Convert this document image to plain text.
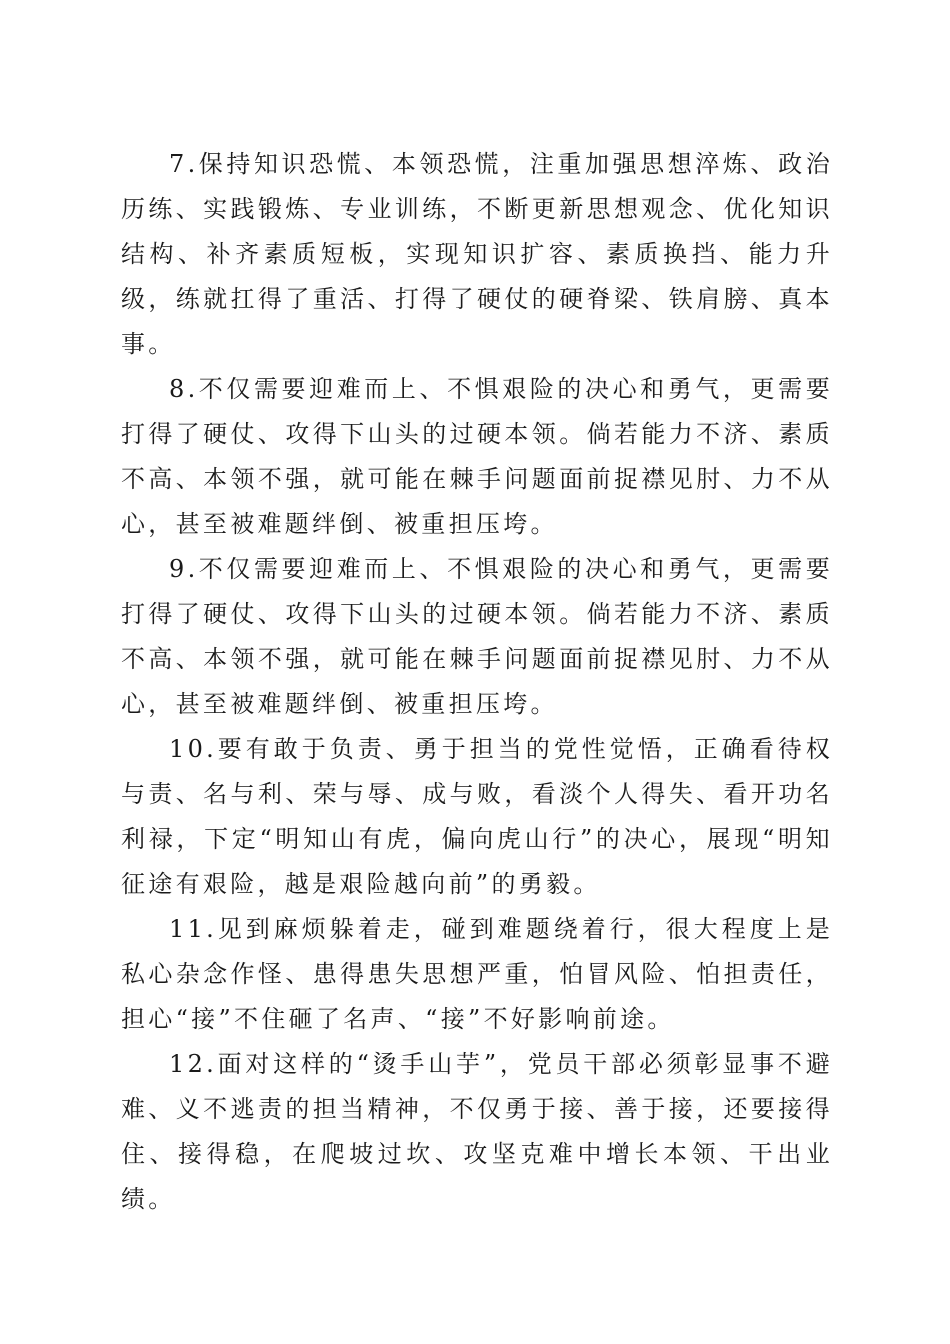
7.保持知识恐慌、本领恐慌，注重加强思想淬炼、政治历练、实践锻炼、专业训练，不断更新思想观念、优化知识结构、补齐素质短板，实现知识扩容、素质换挡、能力升级，练就扛得了重活、打得了硬仗的硬脊梁、铁肩膀、真本事。

8.不仅需要迎难而上、不惧艰险的决心和勇气，更需要打得了硬仗、攻得下山头的过硬本领。倘若能力不济、素质不高、本领不强，就可能在棘手问题面前捉襟见肘、力不从心，甚至被难题绊倒、被重担压垮。

9.不仅需要迎难而上、不惧艰险的决心和勇气，更需要打得了硬仗、攻得下山头的过硬本领。倘若能力不济、素质不高、本领不强，就可能在棘手问题面前捉襟见肘、力不从心，甚至被难题绊倒、被重担压垮。

10.要有敢于负责、勇于担当的党性觉悟，正确看待权与责、名与利、荣与辱、成与败，看淡个人得失、看开功名利禄，下定“明知山有虎，偏向虎山行”的决心，展现“明知征途有艰险，越是艰险越向前”的勇毅。

11.见到麻烦躲着走，碰到难题绕着行，很大程度上是私心杂念作怪、患得患失思想严重，怕冒风险、怕担责任，担心“接”不住砸了名声、“接”不好影响前途。

12.面对这样的“烫手山芋”，党员干部必须彰显事不避难、义不逃责的担当精神，不仅勇于接、善于接，还要接得住、接得稳，在爬坡过坎、攻坚克难中增长本领、干出业绩。
